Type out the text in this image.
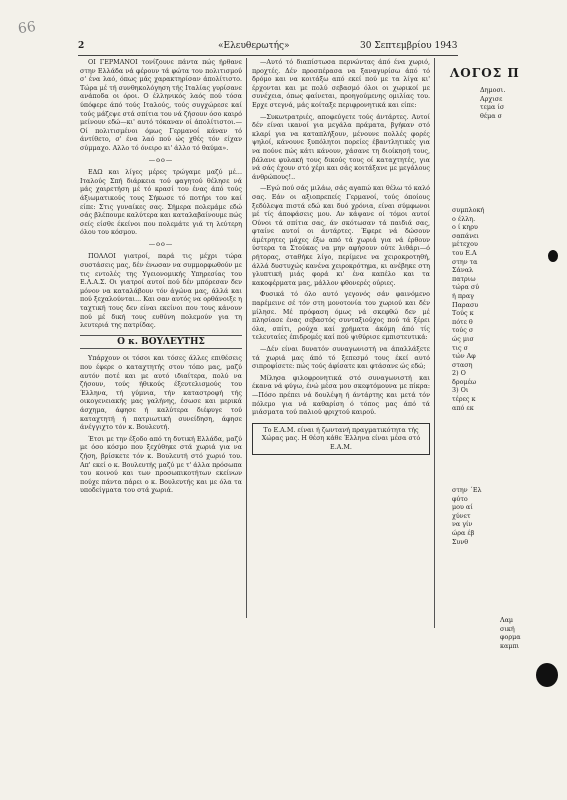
66
2	«Ελευθερωτής»	30 Σεπτεμβρίου 1943

ΟΙ ΓΕΡΜΑΝΟΙ τονίζουνε πάντα πώς ήρθανε στην Ελλάδα νά φέρουν τά φώτα του πολιτισμού σ' ένα λαό, όπως μάς χαρακτηρίσαν άπολίτιστο. Τώρα μέ τή συνθηκολόγηση τής Ιταλίας γυρίσανε ανάποδα οι όροι. Ο έλληνικός λαός πού τόσα ύπόφερε άπό τούς Ιταλούς, τούς συγχώρεσε καί τούς μάζεψε στά σπίτια του νά ζήσουν όσο καιρό μείνουν εδώ—κι' αυτό τόκαναν οί άπολίτιστοι.—Οί πολιτισμένοι όμως Γερμανοί κάναν τό άντίθετο, σ' ένα λαό πού ώς χθές τόν είχαν σύμμαχο. Αλλο τό όνειρο κι' άλλο τό θαύμα».

—oo—

ΕΔΩ και λίγες μέρες τρώγαμε μαζύ μέ... Ιταλούς Σπή διάρκεια τού φαγητού θέλησε νά μάς χαιρετήση μέ τό κρασί του ένας άπό τούς άξιωματικούς τους Σήκωσε τό ποτήρι του καί είπε: Στις γυναίκες σας. Σήμερα πολεμάμε εδώ σάς βλέπουμε καλύτερα και καταλαβαίνουμε πώς σείς είσθε έκείνοι που πολεμάτε γιά τη λεύτερη όλου του κόσμου.

—oo—

ΠΟΛΛΟΙ γιατροί, παρά τις μέχρι τώρα συστάσεις μας, δέν ένωσαν να συμμορφωθούν με τις εντολές της Υγειονομικής Υπηρεσίας του Ε.Λ.Α.Σ. Οι γιατροί αυτοί πού δέν μπόρεσαν δεν μόνον να καταλάβουν τόν άγώνα μας, άλλά και πού ξεχαλούνται... Και σαν αυτός να ορθάνοιξε η ταχτική τους δεν είναι εκείνοι που τους κάνουν πού μέ δική τους ευθύνη πολεμούν για τη λευτεριά της πατρίδας.

Ο κ. ΒΟΥΛΕΥΤΗΣ

Υπάρχουν οι τόσοι και τόσες άλλες επιθέσεις που έφερε ο καταχτητής στον τόπο μας, μαζύ αυτόν ποτέ και με αυτό ιδιαίτερα, πολύ να ζήσουν, τούς ήθικούς έξευτελισμούς του Έλληνα, τή γύμνια, τήν καταστροφή τής οικογενειακής μας γαλήνης, έσωσε και μερικά άσχημα, άφησε ή καλύτερα διέφυγε τού καταχτητή ή πατριωτική συνείδηση, άφησε άνέγγιχτο τόν κ. Βουλευτή.

Έτσι με την έξοδο από τη δυτική Ελλάδα, μαζύ με όσο κόσμο που ξεχύθηκε στά χωριά για να ζήση, βρίσκετε τόν κ. Βουλευτή στό χωριό του. Απ' εκεί ο κ. Βουλευτής μαζύ με τ' άλλα πρόσωπα του κοινού και των προσωπικοτήτων εκείνων πούχε πάντα πάρει ο κ. Βουλευτής και με όλα τα υποδείγματα του στά χωριά.

—Αυτό τό διαπίστωσα περνώντας άπό ένα χωριό, προχτές. Δέν προσπέρασα να ξαναγυρίσω άπό τό δρόμο και να κοιτάξω από εκεί πού με τα λίγα κι' έρχονται και με πολύ σεβασμό όλοι οι χωρικοί με συνέχεια, όπως φαίνεται, προηγούμενης ομιλίας του. Ερχε στεγνά, μάς κοίταξε περιφρονητικά και είπε:

—Συκωτρατριές, αποφεύγετε τούς άντάρτες. Αυτοί δέν είναι ικανοί για μεγάλα πράματα, βγήκαν στό κλαρί για να καταπλήξουν, μένουνε πολλές φορές ψηλοί, κάνουνε ξυπόλητοι πορείες έβαντλητικές για να πούνε πώς κάτι κάνουν, χάσανε τη διοίκησή τους, βάλανε φυλακή τους δικούς τους οί καταχτητές, για νά σάς έχουν στό χέρι και σάς κοιτάξανε με μεγάλους άνθρώπους!..

—Εγώ πού σάς μιλάω, σάς αγαπώ και θέλω τό καλό σας. Εάν οι αξιοπρεπείς Γερμανοί, τούς όποίους ξεδύλεψα πιστά εδώ και δυό χρόνια, είναι σύμφωνοι μέ τίς άποφάσεις μου. Αν κάψανε οί τόμοι αυτοί Ούνοι τά σπίτια σας, άν σκότωσαν τά παιδιά σας, φταίνε αυτοί οι άντάρτες. Έφερε νά δώσουν άμέτρητες μάχες έξω από τά χωριά για νά έρθουν ύστερα τα Στούκας να μην αφήσουν ούτε λιθάρι—ό ρήτορας, σταθήκε λίγο, περίμενε να χειροκροτηθή, άλλά δυστυχώς κανένα χειροκρότημα, κι ανέβηκε στη γλυπτική μιάς φορά κι' ένα καπέλο και τα κακοφέρματα μας, μάλλον φθονερές ούριες.

Φυσικά τό όλο αυτό γεγονός σάν φαινόμενο παρέμεινε σέ τόν στη μονοτονία του χωριού και δέν μίλησε. Μέ πρόφαση όμως νά σκεφθώ δεν μέ πλησίασε ένας σεβαστός συνταξιούχος πού τά ξέρει όλα, σπίτι, ρούχα καί χρήματα άκόμη άπό τίς τελευταίες έπιδρομές καί πού ψιθύρισε εμπιστευτικά:

—Δέν είναι δυνατόν συναγωνιστή να άπαλλάξετε τά χωριά μας άπό τό ξεπεσμό τους έκεί αυτό σιπροφίσετε: πώς τούς άφίσατε και φτάσανε ώς εδώ;

Μίλησα φιλοφρονητικά στό συναγωνιστή και έκανα νά φύγω, ένώ μέσα μου σκεφτόμουνα με πίκρα:—Πόσο πρέπει νά δουλέψη ή άντάρτης και μετά τόν πόλεμο για νά καθαρίση ό τόπος μας άπό τά μιάσματα τού παλιού φριχτού καιρού.

Το Ε.Α.Μ. είναι ή ζωντανή πραγματικότητα τής Χώρας μας. Η θέση κάθε Έλληνα είναι μέσα στό Ε.Α.Μ.
ΛΟΓΟΣ Π
Δημοσι.
Αρχισε
τεμα ίσ
θέμα σ
συμπλοκή
ο έλλη.
ο ί κηρυ
σαπάνει
μέτεχου
του Ε.Α
στην τα
Σάναλ
πατριω
τώρα σύ
ή πραγ
Παρασυ
Τούς κ
πότε θ
τούς σ
ώς μισ
τις σ
τών Αφ
σταση
2) Ο
δρομέω
3) Οι
τέρες κ
από εκ
στην ΄Ελ
φύτο
μου αί
χύνετ
να γίν
ώρα έβ
Συνθ
Λαμ
σική
φορμα
καμπι
